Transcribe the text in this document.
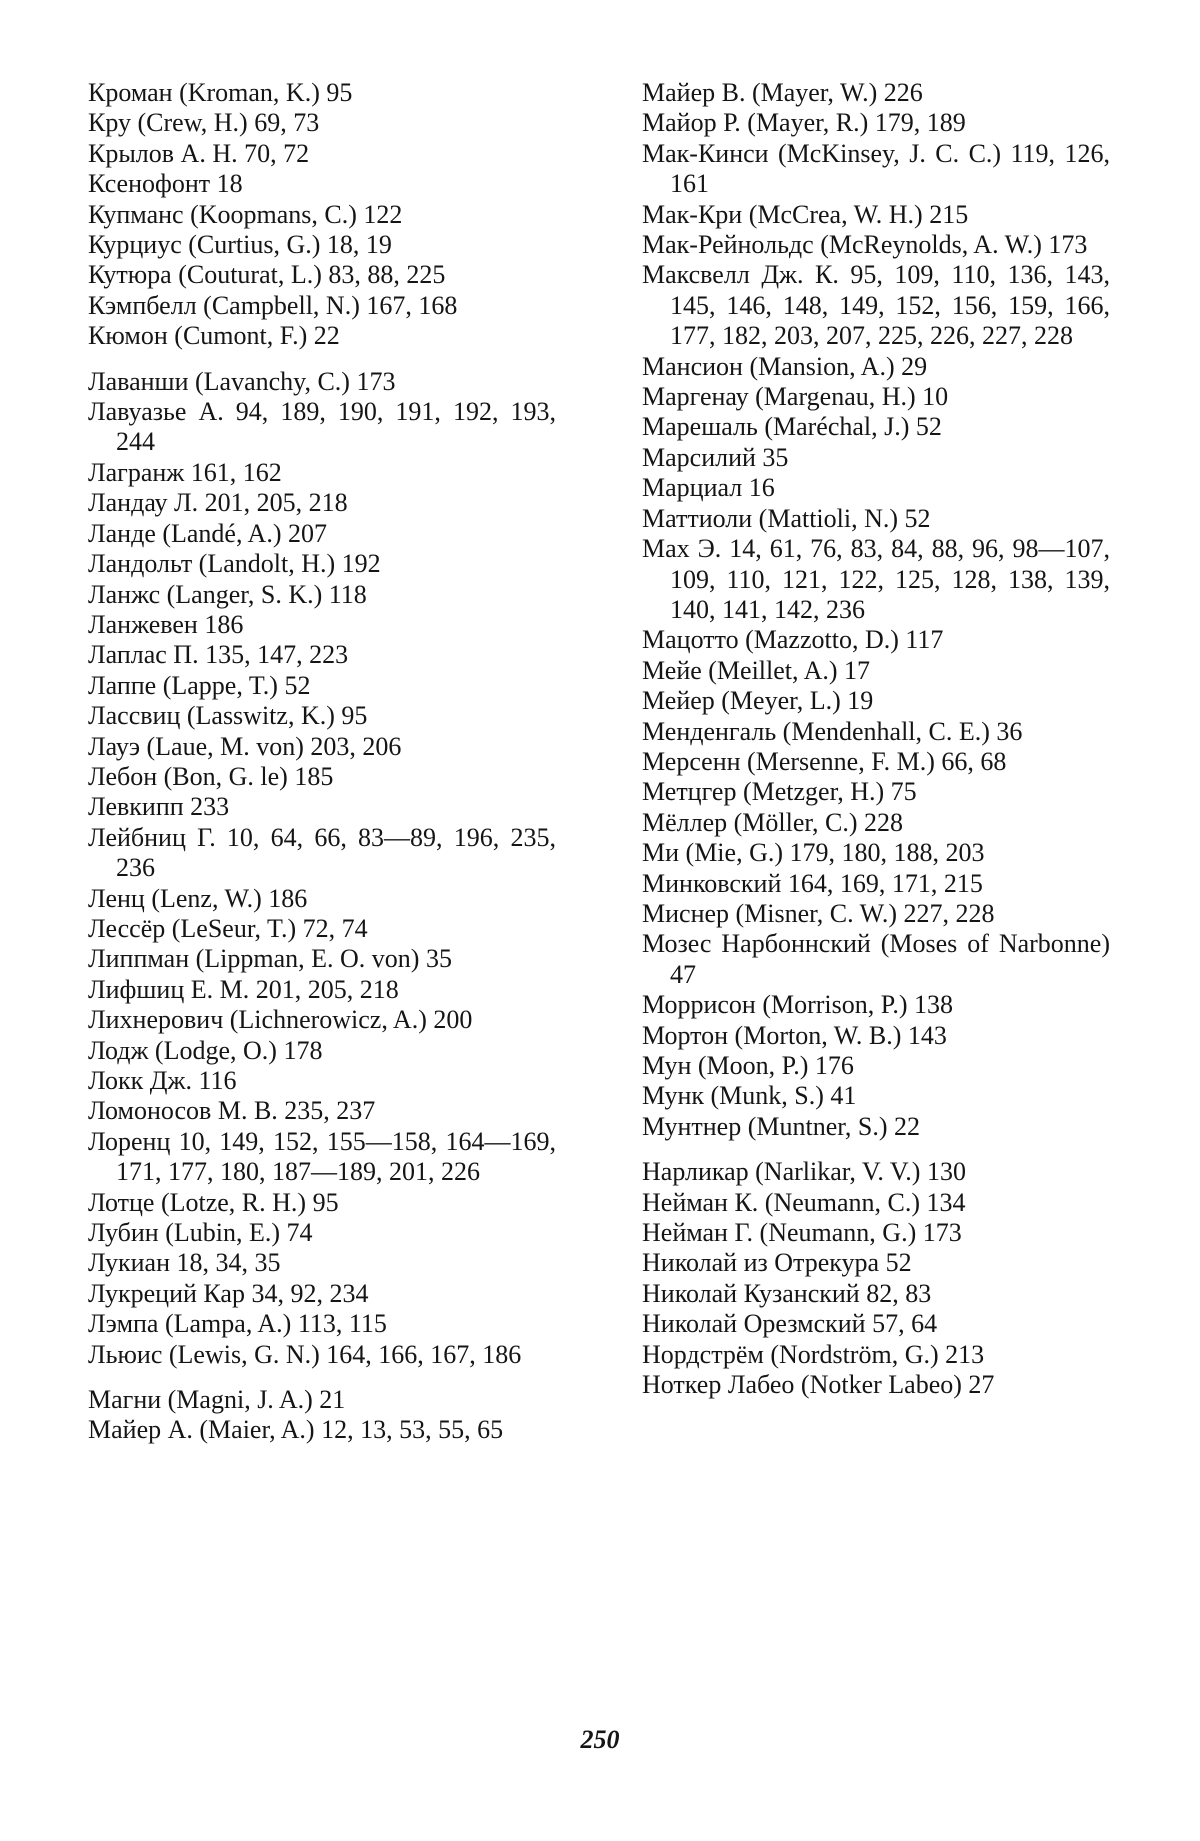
Кроман (Kroman, K.) 95
Кру (Crew, H.) 69, 73
Крылов А. Н. 70, 72
Ксенофонт 18
Купманс (Koopmans, C.) 122
Курциус (Curtius, G.) 18, 19
Кутюра (Couturat, L.) 83, 88, 225
Кэмпбелл (Campbell, N.) 167, 168
Кюмон (Cumont, F.) 22
Лаванши (Lavanchy, C.) 173
Лавуазье А. 94, 189, 190, 191, 192, 193, 244
Лагранж 161, 162
Ландау Л. 201, 205, 218
Ланде (Landé, A.) 207
Ландольт (Landolt, H.) 192
Ланжс (Langer, S. K.) 118
Ланжевен 186
Лаплас П. 135, 147, 223
Лаппе (Lappe, T.) 52
Лассвиц (Lasswitz, K.) 95
Лауэ (Laue, M. von) 203, 206
Лебон (Bon, G. le) 185
Левкипп 233
Лейбниц Г. 10, 64, 66, 83—89, 196, 235, 236
Ленц (Lenz, W.) 186
Лессёр (LeSeur, T.) 72, 74
Липпман (Lippman, E. O. von) 35
Лифшиц Е. М. 201, 205, 218
Лихнерович (Lichnerowicz, A.) 200
Лодж (Lodge, O.) 178
Локк Дж. 116
Ломоносов М. В. 235, 237
Лоренц 10, 149, 152, 155—158, 164—169, 171, 177, 180, 187—189, 201, 226
Лотце (Lotze, R. H.) 95
Лубин (Lubin, E.) 74
Лукиан 18, 34, 35
Лукреций Кар 34, 92, 234
Лэмпа (Lampa, A.) 113, 115
Льюис (Lewis, G. N.) 164, 166, 167, 186
Магни (Magni, J. A.) 21
Майер А. (Maier, A.) 12, 13, 53, 55, 65
Майер В. (Mayer, W.) 226
Майор Р. (Mayer, R.) 179, 189
Мак-Кинси (McKinsey, J. C. C.) 119, 126, 161
Мак-Кри (McCrea, W. H.) 215
Мак-Рейнольдс (McReynolds, A. W.) 173
Максвелл Дж. К. 95, 109, 110, 136, 143, 145, 146, 148, 149, 152, 156, 159, 166, 177, 182, 203, 207, 225, 226, 227, 228
Мансион (Mansion, A.) 29
Маргенау (Margenau, H.) 10
Марешаль (Maréchal, J.) 52
Марсилий 35
Марциал 16
Маттиоли (Mattioli, N.) 52
Мах Э. 14, 61, 76, 83, 84, 88, 96, 98—107, 109, 110, 121, 122, 125, 128, 138, 139, 140, 141, 142, 236
Мацотто (Mazzotto, D.) 117
Мейе (Meillet, A.) 17
Мейер (Meyer, L.) 19
Менденгаль (Mendenhall, C. E.) 36
Мерсенн (Mersenne, F. M.) 66, 68
Метцгер (Metzger, H.) 75
Мёллер (Möller, C.) 228
Ми (Mie, G.) 179, 180, 188, 203
Минковский 164, 169, 171, 215
Миснер (Misner, C. W.) 227, 228
Мозес Нарбоннский (Moses of Narbonne) 47
Моррисон (Morrison, P.) 138
Мортон (Morton, W. B.) 143
Мун (Moon, P.) 176
Мунк (Munk, S.) 41
Мунтнер (Muntner, S.) 22
Нарликар (Narlikar, V. V.) 130
Нейман К. (Neumann, C.) 134
Нейман Г. (Neumann, G.) 173
Николай из Отрекура 52
Николай Кузанский 82, 83
Николай Орезмский 57, 64
Нордстрём (Nordström, G.) 213
Ноткер Лабео (Notker Labeo) 27
250
